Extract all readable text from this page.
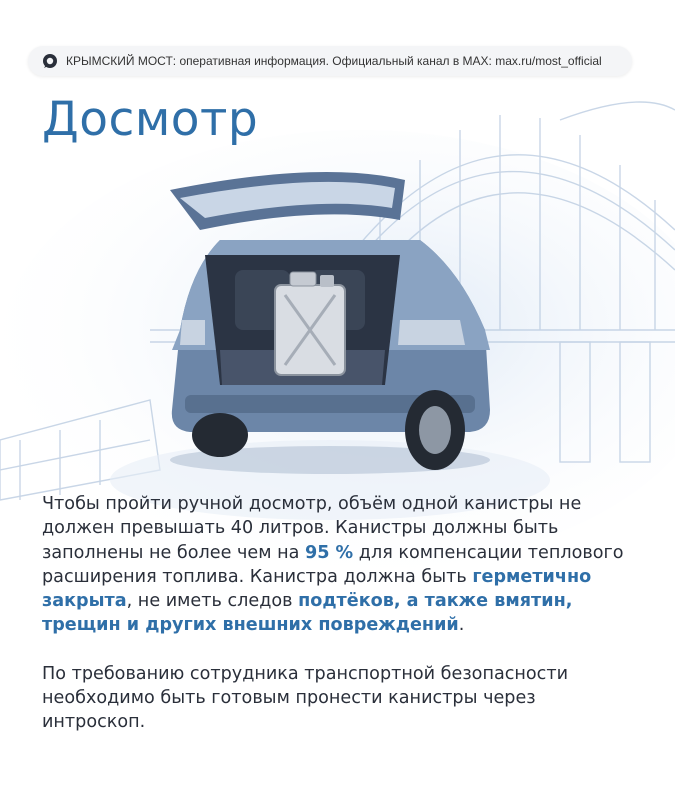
КРЫМСКИЙ МОСТ: оперативная информация. Официальный канал в MAX: max.ru/most_official
Досмотр

Чтобы пройти ручной досмотр, объём одной канистры не должен превышать 40 литров. Канистры должны быть заполнены не более чем на 95 % для компенсации теплового расширения топлива. Канистра должна быть герметично закрыта, не иметь следов подтёков, а также вмятин, трещин и других внешних повреждений.

По требованию сотрудника транспортной безопасности необходимо быть готовым пронести канистры через интроскоп.
